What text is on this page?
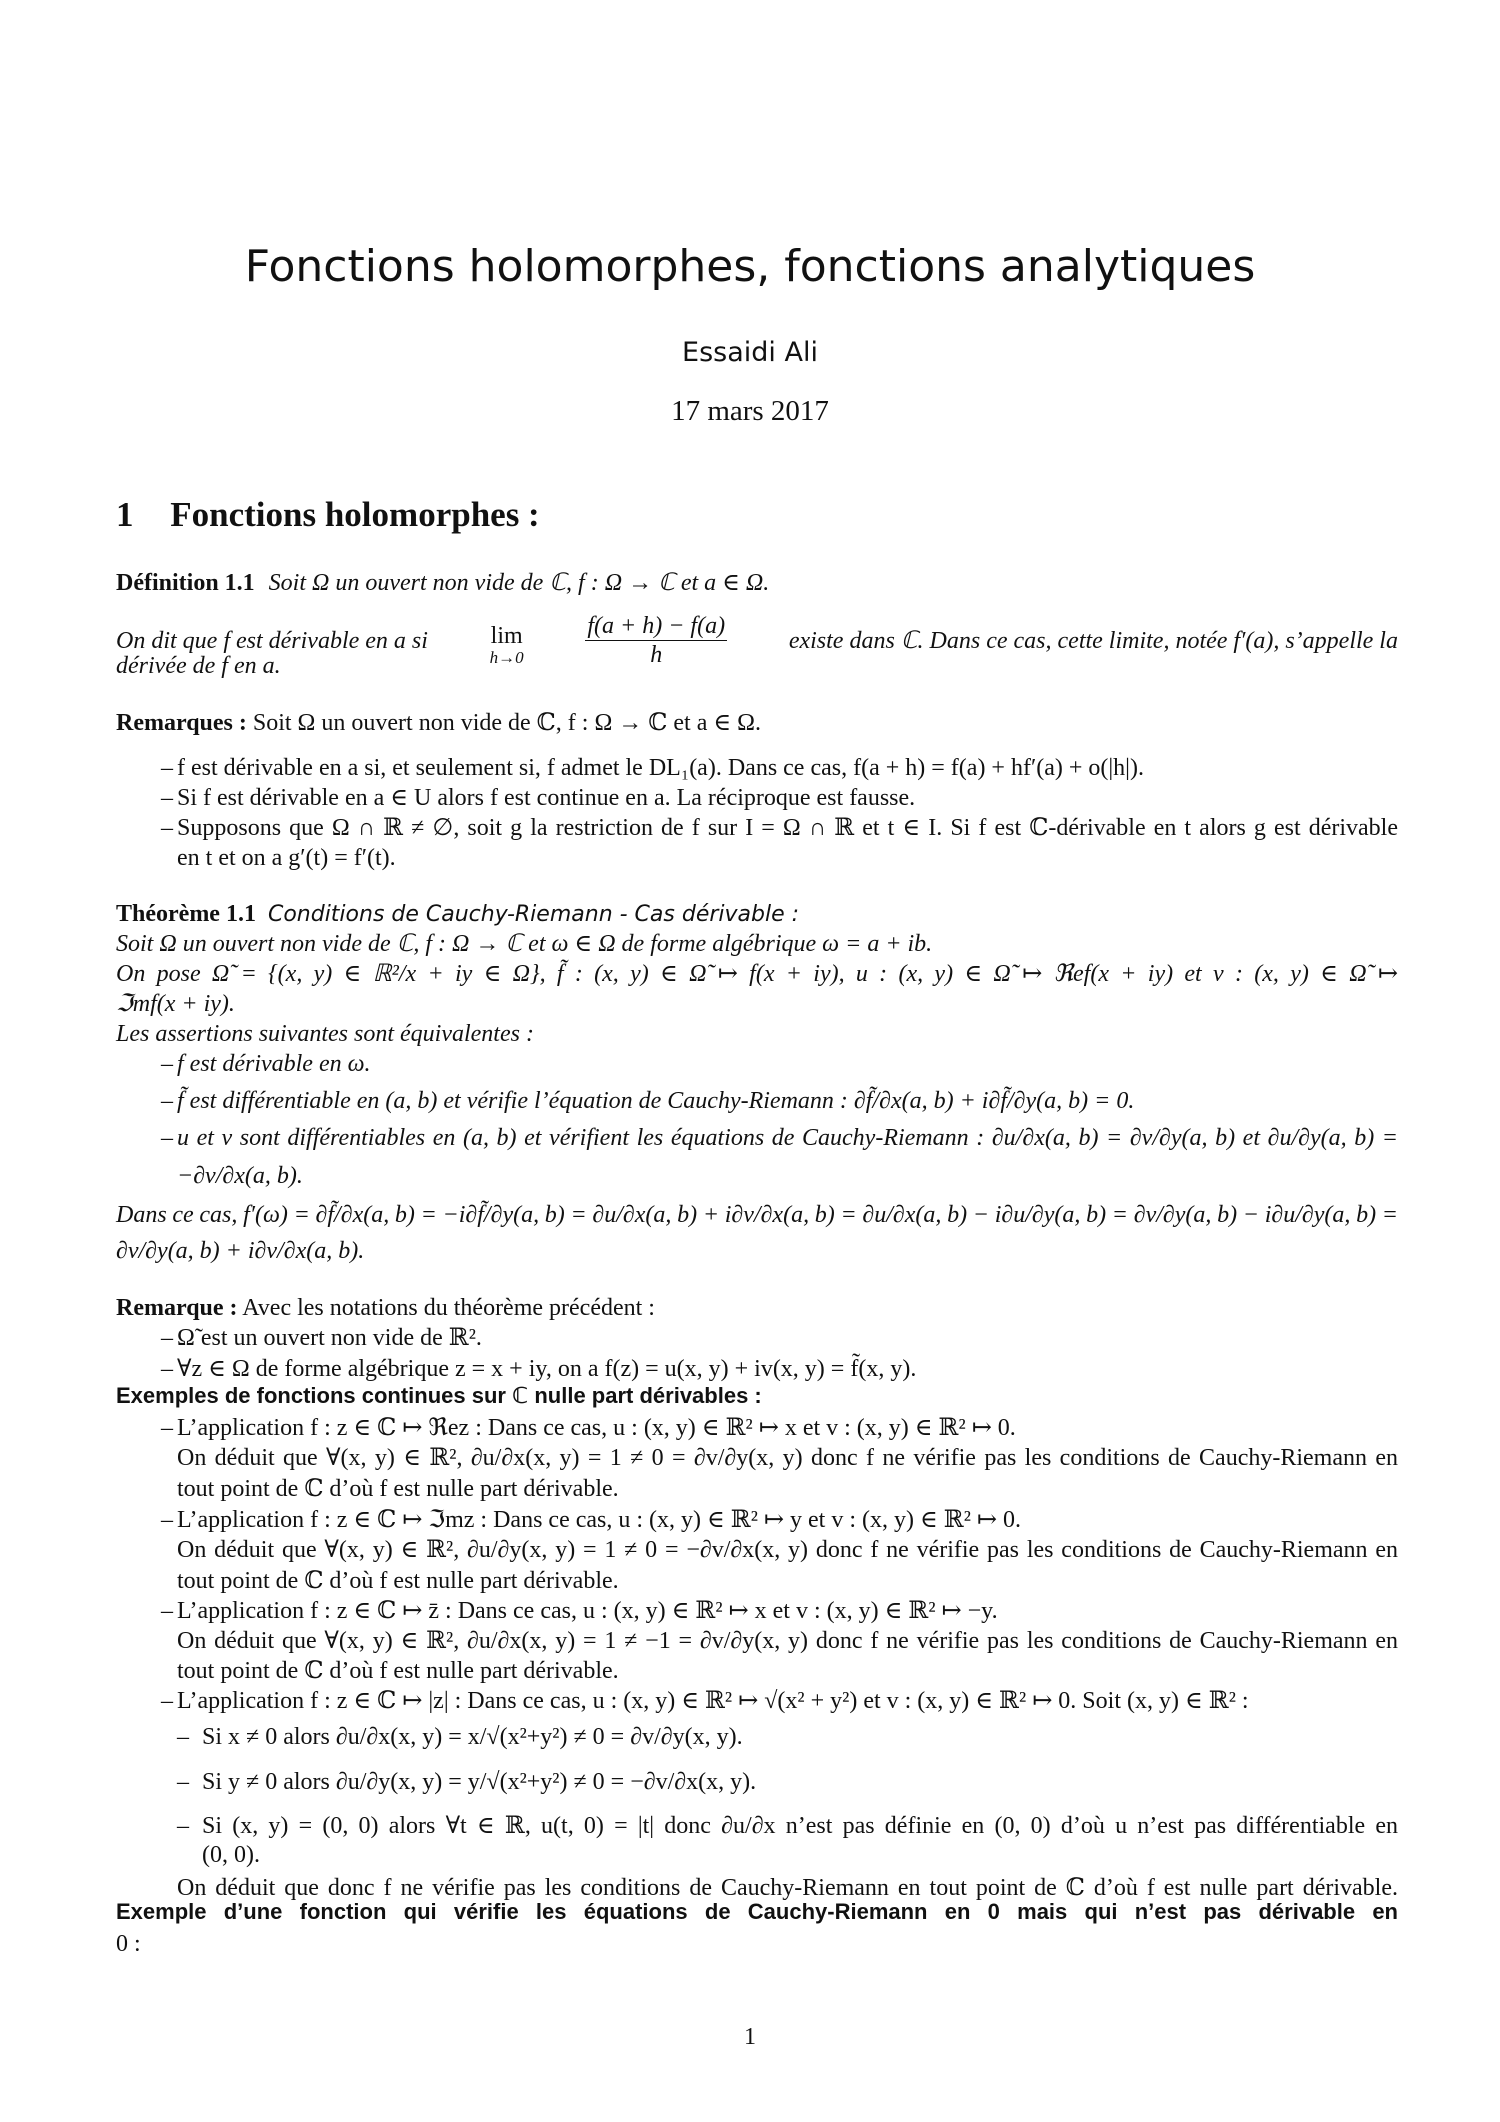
Fonctions holomorphes, fonctions analytiques
Essaidi Ali
17 mars 2017
1 Fonctions holomorphes :
Définition 1.1 Soit Ω un ouvert non vide de ℂ, f : Ω → ℂ et a ∈ Ω.
On dit que f est dérivable en a si	lim
h→0	$\frac{f(a + h) - f(a)}{h}$	existe dans ℂ. Dans ce cas, cette limite, notée f′(a), s’appelle la
dérivée de f en a.
Remarques : Soit Ω un ouvert non vide de ℂ, f : Ω → ℂ et a ∈ Ω.
Théorème 1.1 Conditions de Cauchy-Riemann - Cas dérivable :
Remarque : Avec les notations du théorème précédent :
f est dérivable en a si, et seulement si, f admet le DL₁(a). Dans ce cas, f(a + h) = f(a) + hf′(a) + o(|h|).
–
Si f est dérivable en a ∈ U alors f est continue en a. La réciproque est fausse.
–
Supposons que Ω ∩ ℝ ≠ ∅, soit g la restriction de f sur I = Ω ∩ ℝ et t ∈ I. Si f est ℂ-dérivable en t alors g est dérivable
–
en t et on a g′(t) = f′(t).
Soit Ω un ouvert non vide de ℂ, f : Ω → ℂ et ω ∈ Ω de forme algébrique ω = a + ib.
On pose Ω̃ = {(x, y) ∈ ℝ²/x + iy ∈ Ω}, f̃ : (x, y) ∈ Ω̃ ↦ f(x + iy), u : (x, y) ∈ Ω̃ ↦ ℜef(x + iy) et v : (x, y) ∈ Ω̃ ↦
ℑmf(x + iy).
Les assertions suivantes sont équivalentes :
f est dérivable en ω.
–
f̃ est différentiable en (a, b) et vérifie l’équation de Cauchy-Riemann : ∂f̃/∂x(a, b) + i∂f̃/∂y(a, b) = 0.
–
u et v sont différentiables en (a, b) et vérifient les équations de Cauchy-Riemann : ∂u/∂x(a, b) = ∂v/∂y(a, b) et ∂u/∂y(a, b) =
–
−∂v/∂x(a, b).
Dans ce cas, f′(ω) = ∂f̃/∂x(a, b) = −i∂f̃/∂y(a, b) = ∂u/∂x(a, b) + i∂v/∂x(a, b) = ∂u/∂x(a, b) − i∂u/∂y(a, b) = ∂v/∂y(a, b) − i∂u/∂y(a, b) =
∂v/∂y(a, b) + i∂v/∂x(a, b).
Ω̃ est un ouvert non vide de ℝ².
–
∀z ∈ Ω de forme algébrique z = x + iy, on a f(z) = u(x, y) + iv(x, y) = f̃(x, y).
–
Exemples de fonctions continues sur ℂ nulle part dérivables :
L’application f : z ∈ ℂ ↦ ℜez : Dans ce cas, u : (x, y) ∈ ℝ² ↦ x et v : (x, y) ∈ ℝ² ↦ 0.
–
On déduit que ∀(x, y) ∈ ℝ², ∂u/∂x(x, y) = 1 ≠ 0 = ∂v/∂y(x, y) donc f ne vérifie pas les conditions de Cauchy-Riemann en
tout point de ℂ d’où f est nulle part dérivable.
L’application f : z ∈ ℂ ↦ ℑmz : Dans ce cas, u : (x, y) ∈ ℝ² ↦ y et v : (x, y) ∈ ℝ² ↦ 0.
–
On déduit que ∀(x, y) ∈ ℝ², ∂u/∂y(x, y) = 1 ≠ 0 = −∂v/∂x(x, y) donc f ne vérifie pas les conditions de Cauchy-Riemann en
tout point de ℂ d’où f est nulle part dérivable.
L’application f : z ∈ ℂ ↦ z̄ : Dans ce cas, u : (x, y) ∈ ℝ² ↦ x et v : (x, y) ∈ ℝ² ↦ −y.
–
On déduit que ∀(x, y) ∈ ℝ², ∂u/∂x(x, y) = 1 ≠ −1 = ∂v/∂y(x, y) donc f ne vérifie pas les conditions de Cauchy-Riemann en
tout point de ℂ d’où f est nulle part dérivable.
L’application f : z ∈ ℂ ↦ |z| : Dans ce cas, u : (x, y) ∈ ℝ² ↦ √(x² + y²) et v : (x, y) ∈ ℝ² ↦ 0. Soit (x, y) ∈ ℝ² :
–
Si x ≠ 0 alors ∂u/∂x(x, y) = x/√(x²+y²) ≠ 0 = ∂v/∂y(x, y).
–
Si y ≠ 0 alors ∂u/∂y(x, y) = y/√(x²+y²) ≠ 0 = −∂v/∂x(x, y).
–
Si (x, y) = (0, 0) alors ∀t ∈ ℝ, u(t, 0) = |t| donc ∂u/∂x n’est pas définie en (0, 0) d’où u n’est pas différentiable en
–
(0, 0).
On déduit que donc f ne vérifie pas les conditions de Cauchy-Riemann en tout point de ℂ d’où f est nulle part dérivable.
Exemple d’une fonction qui vérifie les équations de Cauchy-Riemann en 0 mais qui n’est pas dérivable en
0 :
1
